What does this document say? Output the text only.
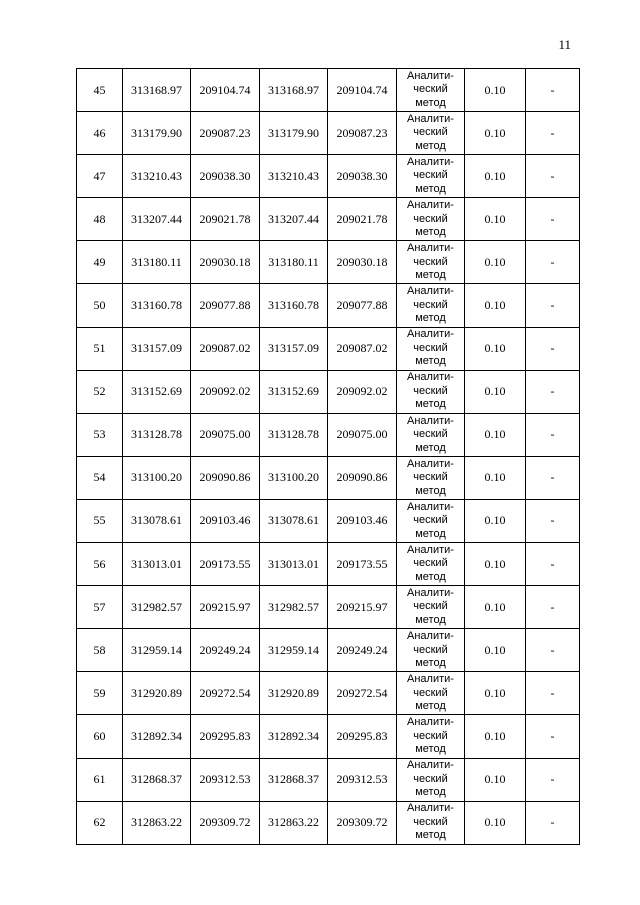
11
45	313168.97	209104.74	313168.97	209104.74	Аналити-
ческий
метод	0.10	-
46	313179.90	209087.23	313179.90	209087.23	Аналити-
ческий
метод	0.10	-
47	313210.43	209038.30	313210.43	209038.30	Аналити-
ческий
метод	0.10	-
48	313207.44	209021.78	313207.44	209021.78	Аналити-
ческий
метод	0.10	-
49	313180.11	209030.18	313180.11	209030.18	Аналити-
ческий
метод	0.10	-
50	313160.78	209077.88	313160.78	209077.88	Аналити-
ческий
метод	0.10	-
51	313157.09	209087.02	313157.09	209087.02	Аналити-
ческий
метод	0.10	-
52	313152.69	209092.02	313152.69	209092.02	Аналити-
ческий
метод	0.10	-
53	313128.78	209075.00	313128.78	209075.00	Аналити-
ческий
метод	0.10	-
54	313100.20	209090.86	313100.20	209090.86	Аналити-
ческий
метод	0.10	-
55	313078.61	209103.46	313078.61	209103.46	Аналити-
ческий
метод	0.10	-
56	313013.01	209173.55	313013.01	209173.55	Аналити-
ческий
метод	0.10	-
57	312982.57	209215.97	312982.57	209215.97	Аналити-
ческий
метод	0.10	-
58	312959.14	209249.24	312959.14	209249.24	Аналити-
ческий
метод	0.10	-
59	312920.89	209272.54	312920.89	209272.54	Аналити-
ческий
метод	0.10	-
60	312892.34	209295.83	312892.34	209295.83	Аналити-
ческий
метод	0.10	-
61	312868.37	209312.53	312868.37	209312.53	Аналити-
ческий
метод	0.10	-
62	312863.22	209309.72	312863.22	209309.72	Аналити-
ческий
метод	0.10	-
